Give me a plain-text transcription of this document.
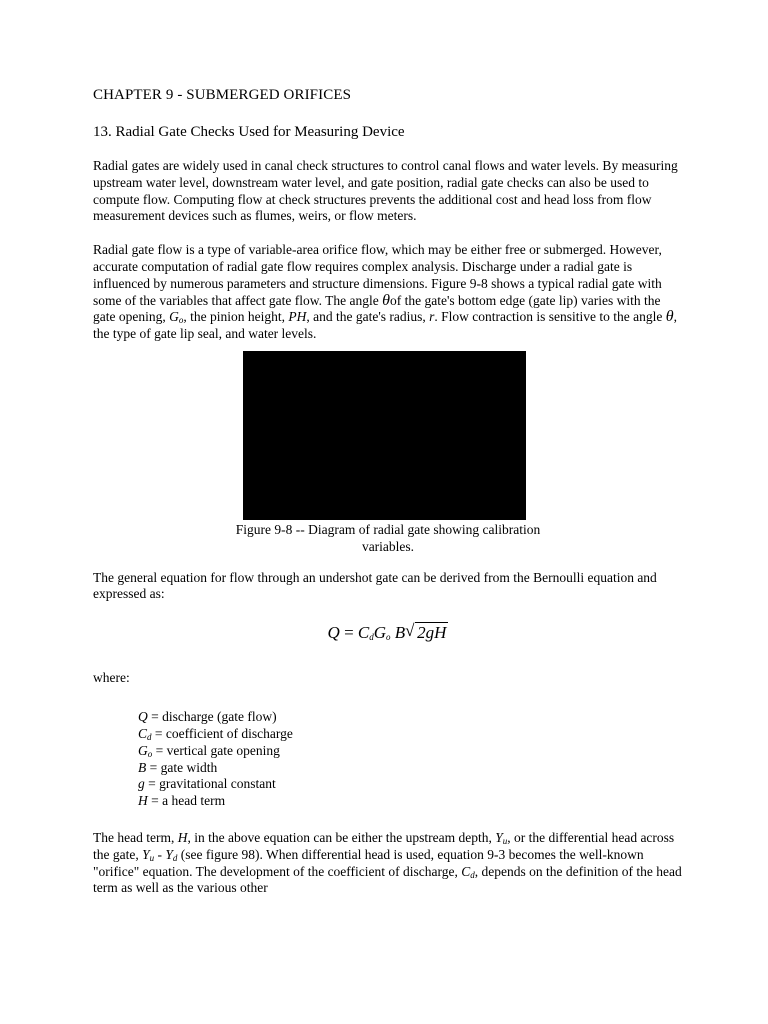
CHAPTER 9 - SUBMERGED ORIFICES
13. Radial Gate Checks Used for Measuring Device

Radial gates are widely used in canal check structures to control canal flows and water levels. By measuring upstream water level, downstream water level, and gate position, radial gate checks can also be used to compute flow. Computing flow at check structures prevents the additional cost and head loss from flow measurement devices such as flumes, weirs, or flow meters.

Radial gate flow is a type of variable-area orifice flow, which may be either free or submerged. However, accurate computation of radial gate flow requires complex analysis. Discharge under a radial gate is influenced by numerous parameters and structure dimensions. Figure 9-8 shows a typical radial gate with some of the variables that affect gate flow. The angle θof the gate's bottom edge (gate lip) varies with the gate opening, $G_o$, the pinion height, PH, and the gate's radius, r. Flow contraction is sensitive to the angle θ, the type of gate lip seal, and water levels.

Figure 9-8 -- Diagram of radial gate showing calibration
variables.

The general equation for flow through an undershot gate can be derived from the Bernoulli equation and expressed as:

$Q = C_dG_o$ B √ 2gH
where:
Q = discharge (gate flow)
$C_d$ = coefficient of discharge
$G_o$ = vertical gate opening
B = gate width
g = gravitational constant
H = a head term

The head term, H, in the above equation can be either the upstream depth, $Y_u$, or the differential head across the gate, $Y_u - Y_d$ (see figure 98). When differential head is used, equation 9-3 becomes the well-known "orifice" equation. The development of the coefficient of discharge, $C_d$, depends on the definition of the head term as well as the various other
